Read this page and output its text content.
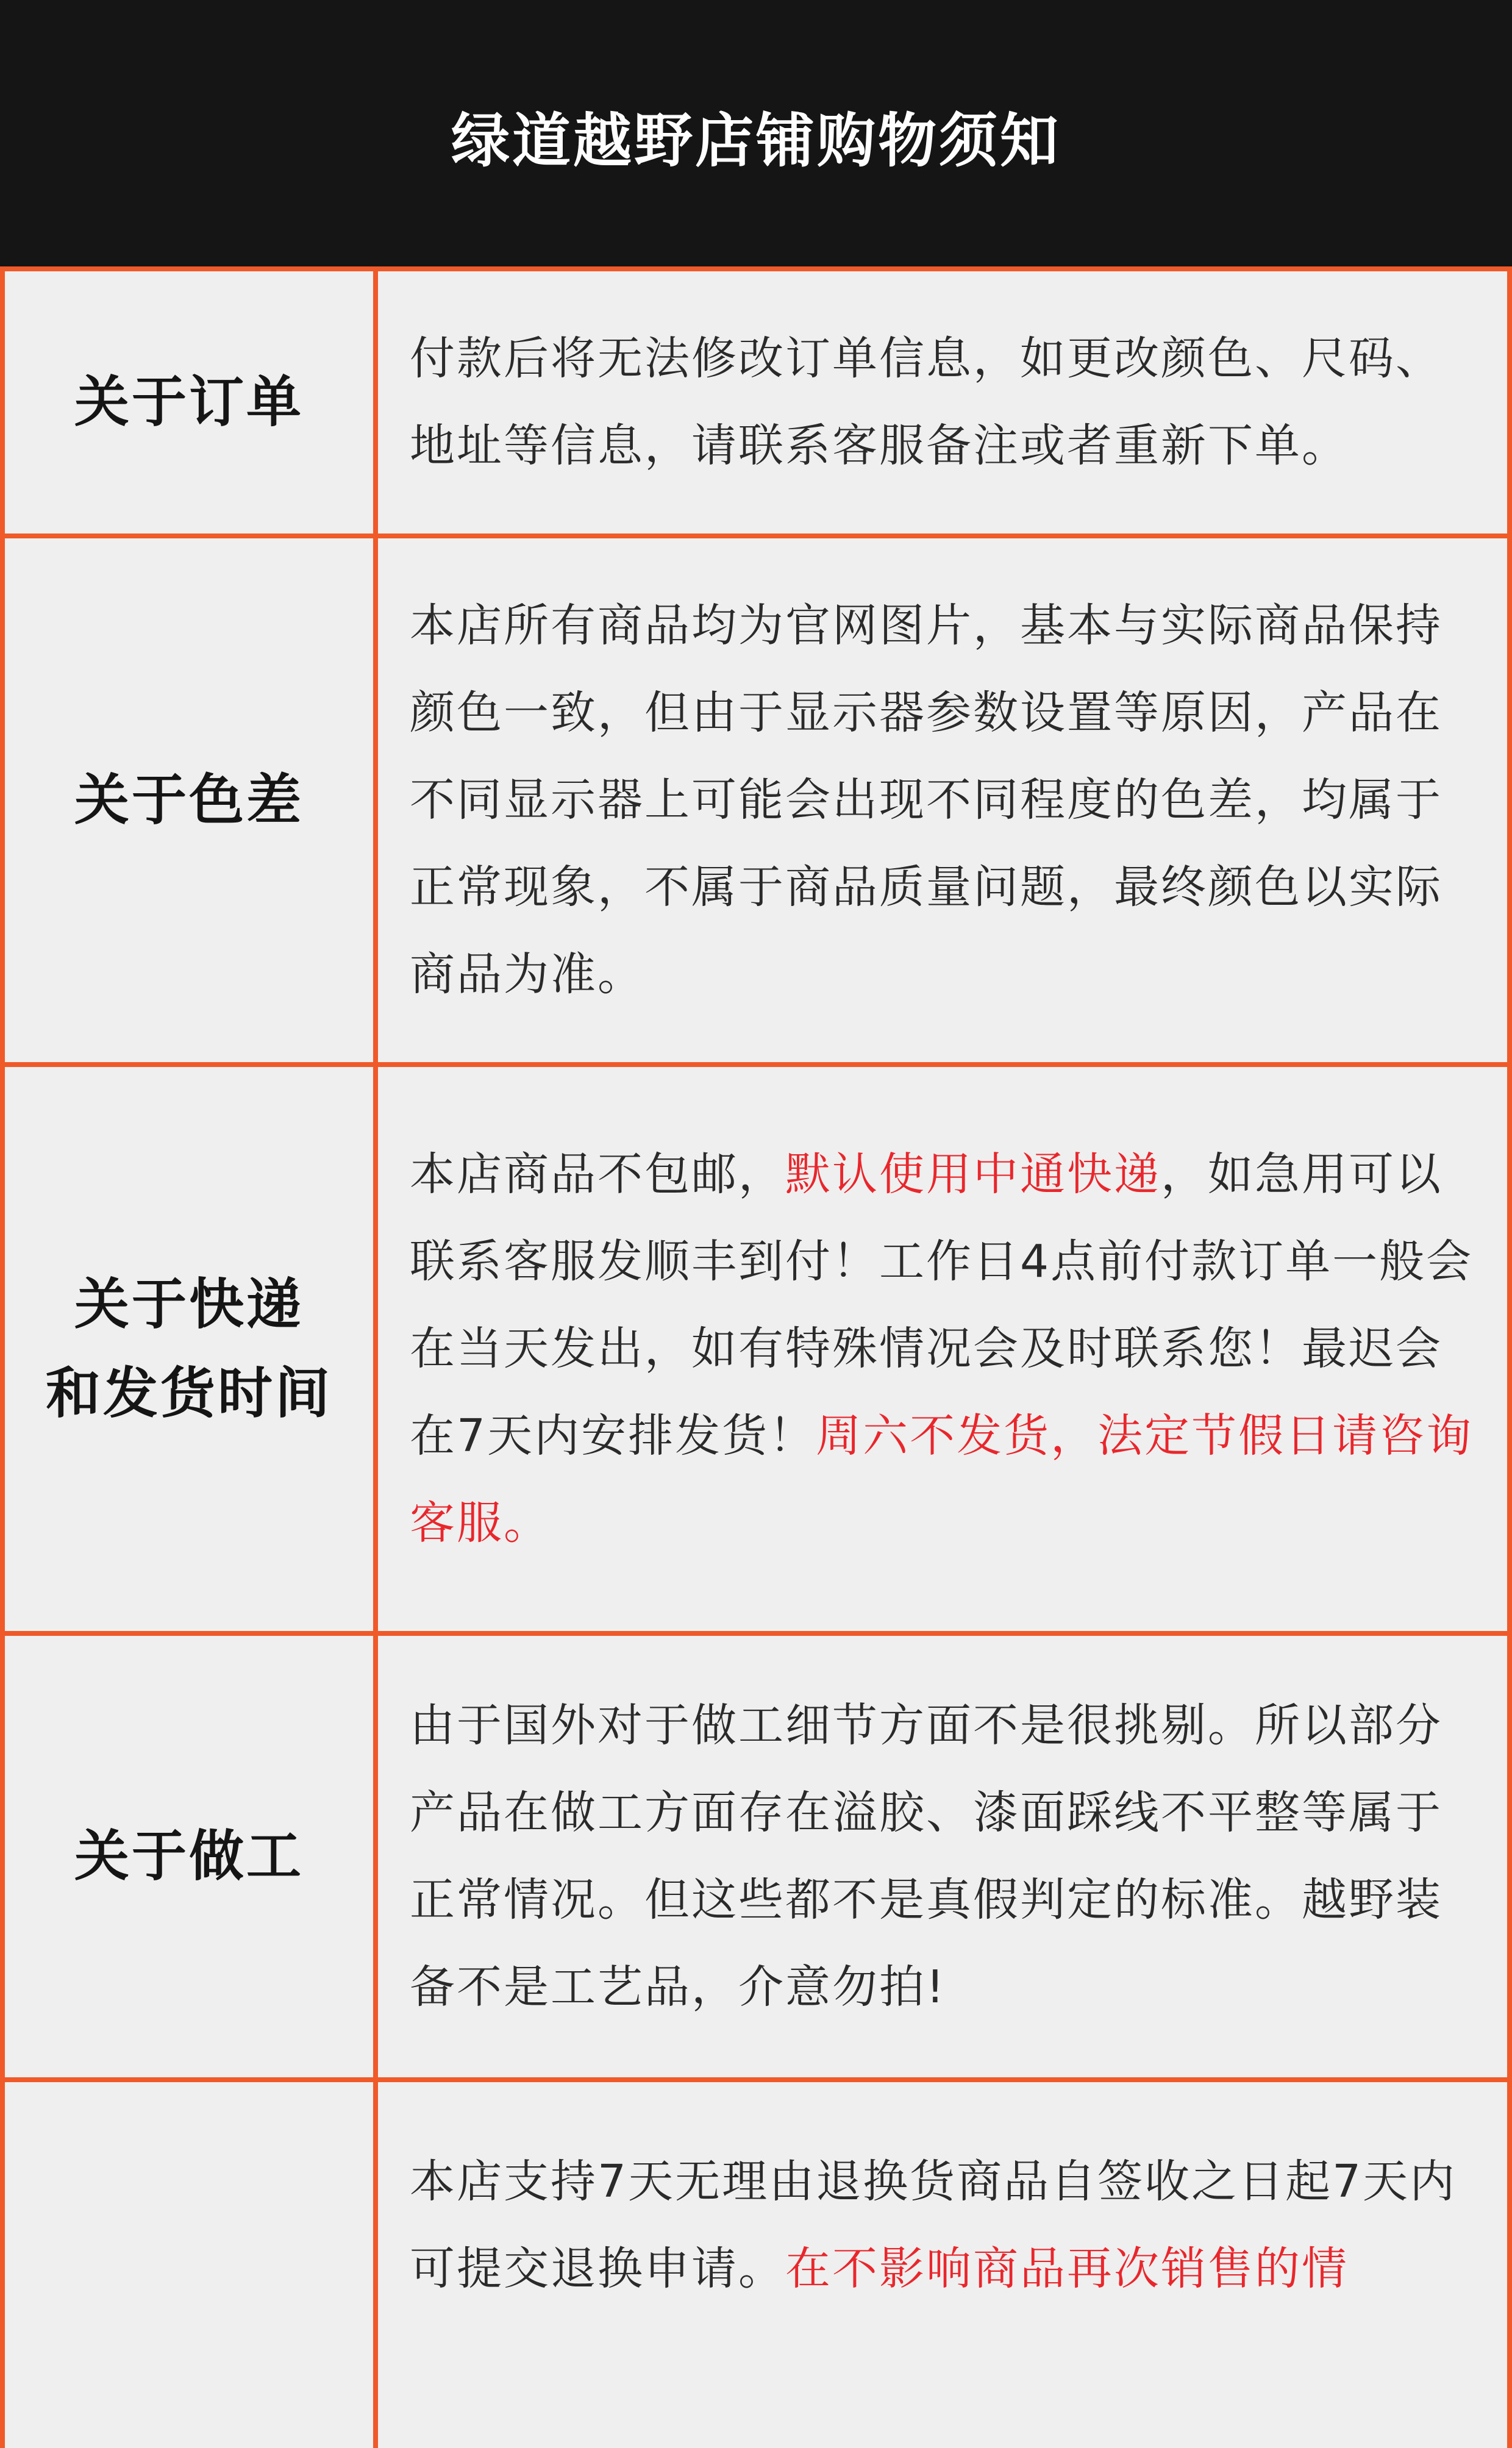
绿道越野店铺购物须知
关于订单
付款后将无法修改订单信息，如更改颜色、尺码、地址等信息，请联系客服备注或者重新下单。
关于色差
本店所有商品均为官网图片，基本与实际商品保持颜色一致，但由于显示器参数设置等原因，产品在不同显示器上可能会出现不同程度的色差，均属于正常现象，不属于商品质量问题，最终颜色以实际商品为准。
关于快递
和发货时间
本店商品不包邮，默认使用中通快递，如急用可以联系客服发顺丰到付！工作日4点前付款订单一般会在当天发出，如有特殊情况会及时联系您！最迟会在7天内安排发货！周六不发货，法定节假日请咨询客服。
关于做工
由于国外对于做工细节方面不是很挑剔。所以部分产品在做工方面存在溢胶、漆面踩线不平整等属于正常情况。但这些都不是真假判定的标准。越野装备不是工艺品，介意勿拍!
本店支持7天无理由退换货商品自签收之日起7天内可提交退换申请。在不影响商品再次销售的情
